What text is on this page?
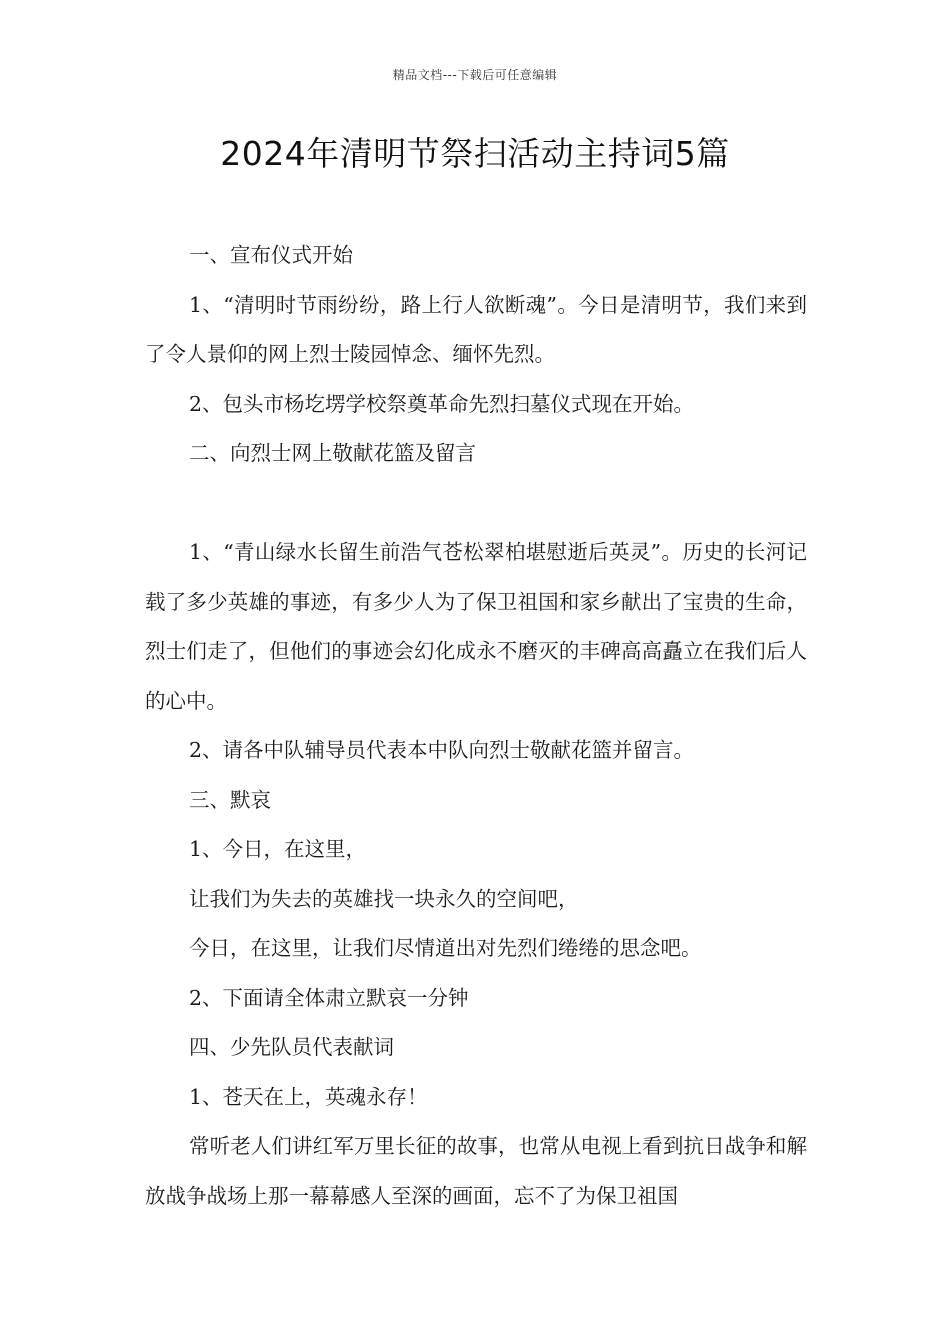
精品文档---下载后可任意编辑
2024年清明节祭扫活动主持词5篇

一、宣布仪式开始

1、“清明时节雨纷纷，路上行人欲断魂”。今日是清明节，我们来到了令人景仰的网上烈士陵园悼念、缅怀先烈。

2、包头市杨圪塄学校祭奠革命先烈扫墓仪式现在开始。

二、向烈士网上敬献花篮及留言

1、“青山绿水长留生前浩气苍松翠柏堪慰逝后英灵”。历史的长河记载了多少英雄的事迹，有多少人为了保卫祖国和家乡献出了宝贵的生命，烈士们走了，但他们的事迹会幻化成永不磨灭的丰碑高高矗立在我们后人的心中。

2、请各中队辅导员代表本中队向烈士敬献花篮并留言。

三、默哀

1、今日，在这里，

让我们为失去的英雄找一块永久的空间吧，

今日，在这里，让我们尽情道出对先烈们绻绻的思念吧。

2、下面请全体肃立默哀一分钟

四、少先队员代表献词

1、苍天在上，英魂永存！

常听老人们讲红军万里长征的故事，也常从电视上看到抗日战争和解放战争战场上那一幕幕感人至深的画面，忘不了为保卫祖国
